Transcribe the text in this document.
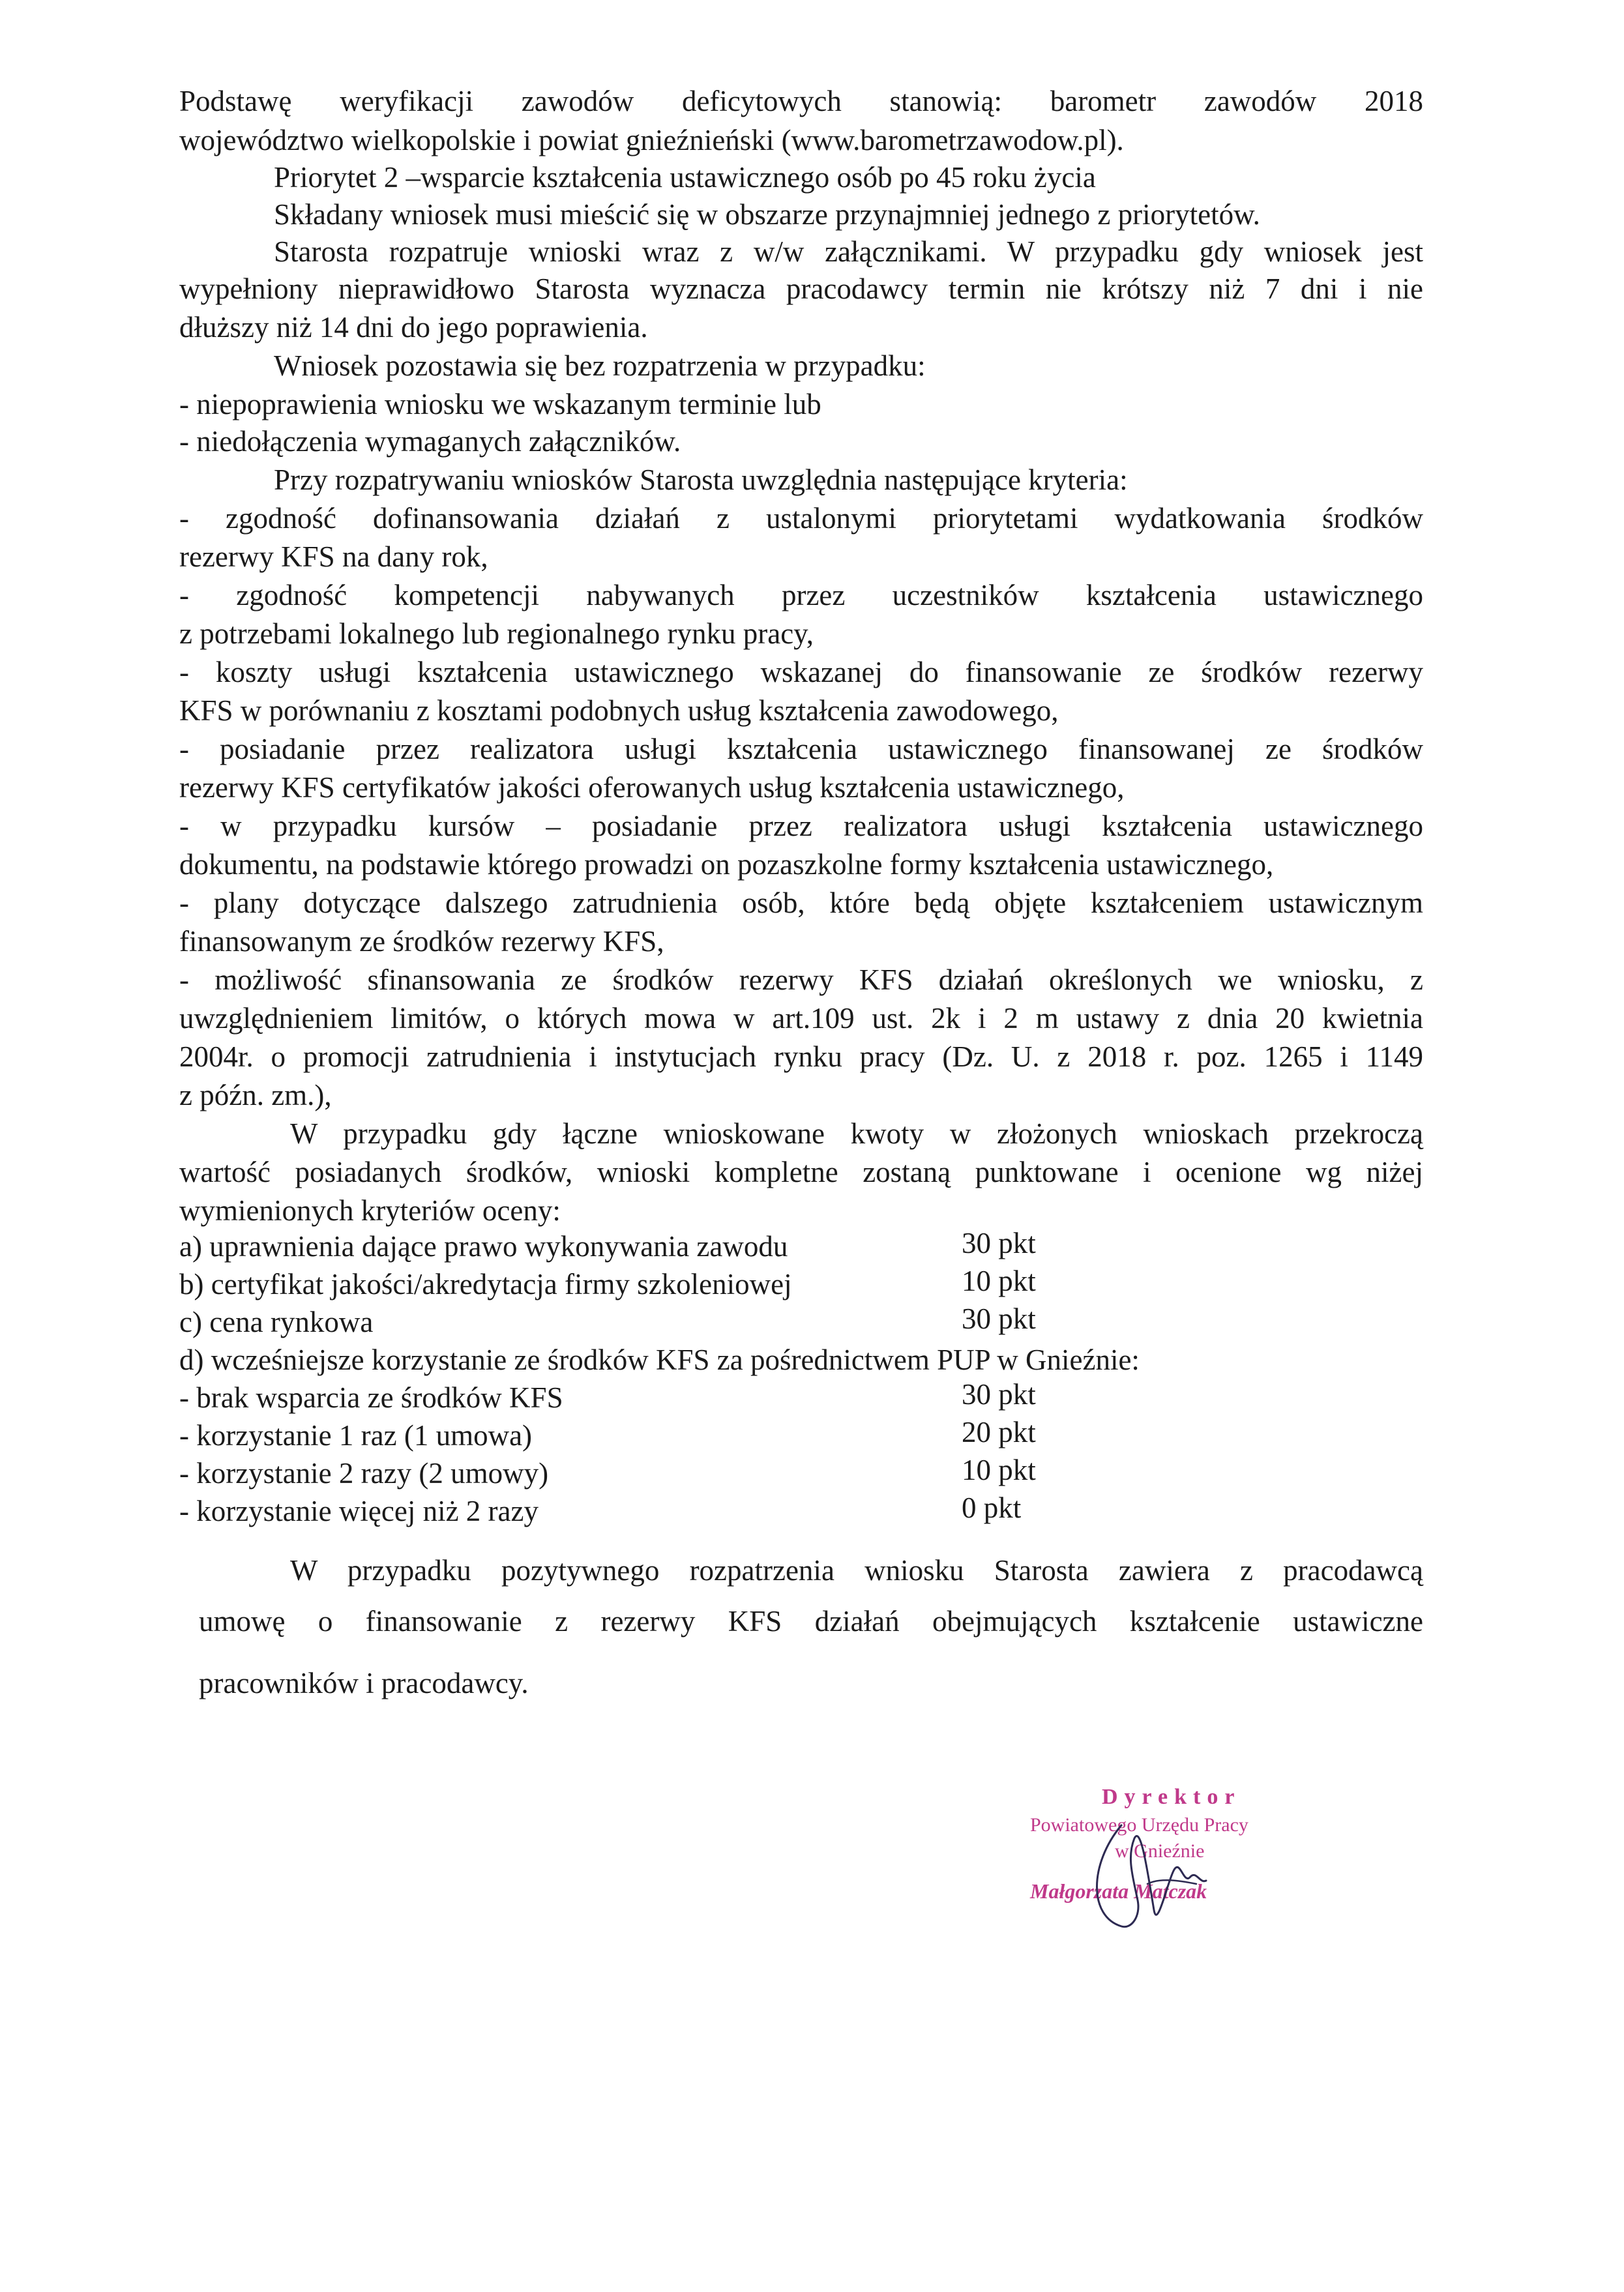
Podstawę weryfikacji zawodów deficytowych stanowią: barometr zawodów 2018
województwo wielkopolskie i powiat gnieźnieński (www.barometrzawodow.pl).
Priorytet 2 –wsparcie kształcenia ustawicznego osób po 45 roku życia
Składany wniosek musi mieścić się w obszarze przynajmniej jednego z priorytetów.
Starosta rozpatruje wnioski wraz z w/w załącznikami. W przypadku gdy wniosek jest
wypełniony nieprawidłowo Starosta wyznacza pracodawcy termin nie krótszy niż 7 dni i nie
dłuższy niż 14 dni do jego poprawienia.
Wniosek pozostawia się bez rozpatrzenia w przypadku:
- niepoprawienia wniosku we wskazanym terminie lub
- niedołączenia wymaganych załączników.
Przy rozpatrywaniu wniosków Starosta uwzględnia następujące kryteria:
- zgodność dofinansowania działań z ustalonymi priorytetami wydatkowania środków
rezerwy KFS na dany rok,
- zgodność kompetencji nabywanych przez uczestników kształcenia ustawicznego
z potrzebami lokalnego lub regionalnego rynku pracy,
- koszty usługi kształcenia ustawicznego wskazanej do finansowanie ze środków rezerwy
KFS w porównaniu z kosztami podobnych usług kształcenia zawodowego,
- posiadanie przez realizatora usługi kształcenia ustawicznego finansowanej ze środków
rezerwy KFS certyfikatów jakości oferowanych usług kształcenia ustawicznego,
- w przypadku kursów – posiadanie przez realizatora usługi kształcenia ustawicznego
dokumentu, na podstawie którego prowadzi on pozaszkolne formy kształcenia ustawicznego,
- plany dotyczące dalszego zatrudnienia osób, które będą objęte kształceniem ustawicznym
finansowanym ze środków rezerwy KFS,
- możliwość sfinansowania ze środków rezerwy KFS działań określonych we wniosku, z
uwzględnieniem limitów, o których mowa w art.109 ust. 2k i 2 m ustawy z dnia 20 kwietnia
2004r. o promocji zatrudnienia i instytucjach rynku pracy (Dz. U. z 2018 r. poz. 1265 i 1149
z późn. zm.),
W przypadku gdy łączne wnioskowane kwoty w złożonych wnioskach przekroczą
wartość posiadanych środków, wnioski kompletne zostaną punktowane i ocenione wg niżej
wymienionych kryteriów oceny:
a) uprawnienia dające prawo wykonywania zawodu	30 pkt
b) certyfikat jakości/akredytacja firmy szkoleniowej	10 pkt
c) cena rynkowa	30 pkt
d) wcześniejsze korzystanie ze środków KFS za pośrednictwem PUP w Gnieźnie:
- brak wsparcia ze środków KFS	30 pkt
- korzystanie 1 raz (1 umowa)	20 pkt
- korzystanie 2 razy (2 umowy)	10 pkt
- korzystanie więcej niż 2 razy	0 pkt
W przypadku pozytywnego rozpatrzenia wniosku Starosta zawiera z pracodawcą
umowę o finansowanie z rezerwy KFS działań obejmujących kształcenie ustawiczne
pracowników i pracodawcy.
Dyrektor
Powiatowego Urzędu Pracy
w Gnieźnie
Małgorzata Matczak
